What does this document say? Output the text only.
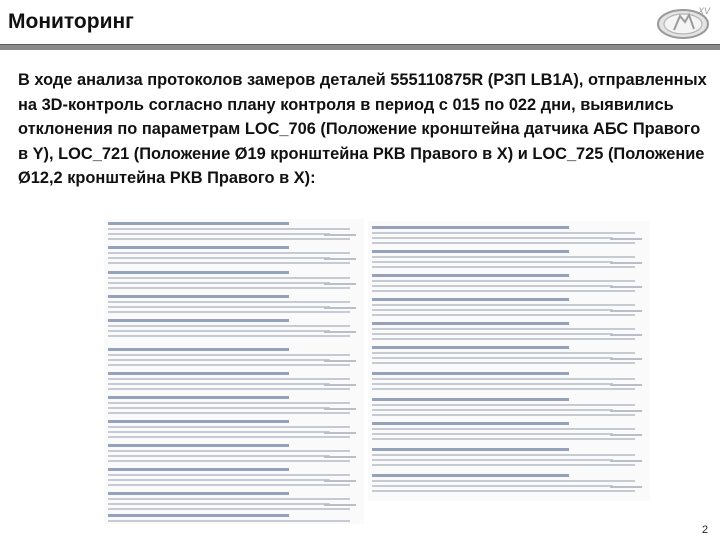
Мониторинг	XV
В ходе анализа протоколов замеров деталей 555110875R (РЗП LB1A), отправленных на 3D-контроль согласно плану контроля в период с 015 по 022 дни, выявились отклонения по параметрам LOC_706 (Положение кронштейна датчика АБС Правого в Y), LOC_721 (Положение Ø19 кронштейна РКВ Правого в X) и LOC_725 (Положение Ø12,2 кронштейна РКВ Правого в X):
2
